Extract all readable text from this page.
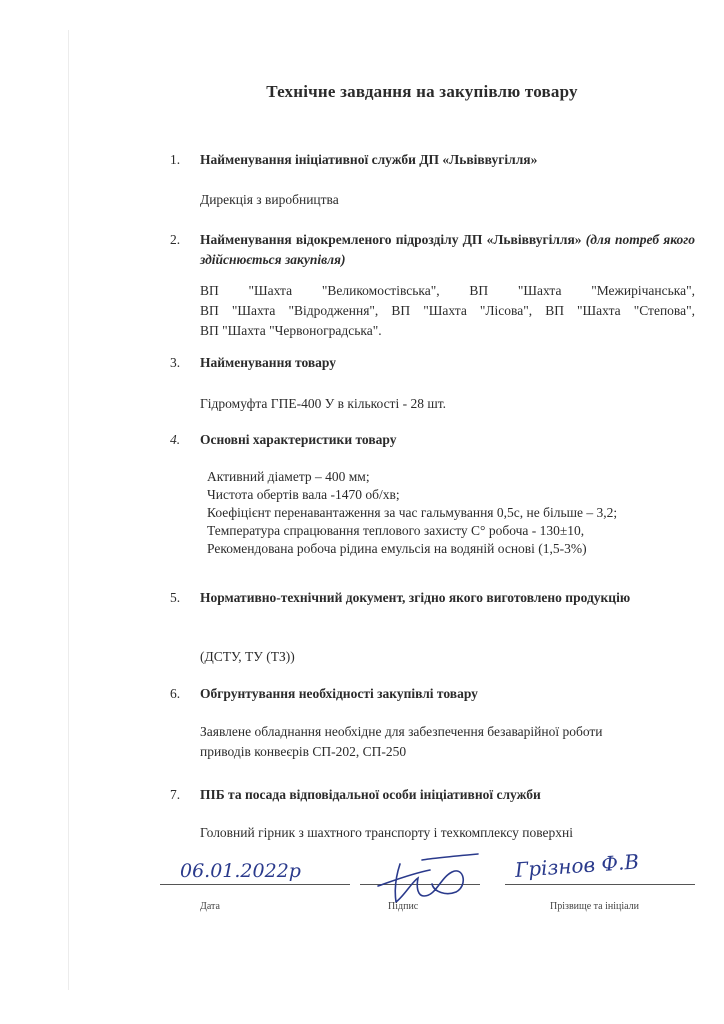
Технічне завдання на закупівлю товару
1. Найменування ініціативної служби ДП «Львіввугілля»
Дирекція з виробництва
2. Найменування відокремленого підрозділу ДП «Львіввугілля» (для потреб якого здійснюється закупівля)
ВП "Шахта "Великомостівська", ВП "Шахта "Межирічанська",
ВП "Шахта "Відродження", ВП "Шахта "Лісова", ВП "Шахта "Степова",
ВП "Шахта "Червоноградська".
3. Найменування товару
Гідромуфта ГПЕ-400 У в кількості - 28 шт.
4. Основні характеристики товару
Активний діаметр – 400 мм;
Чистота обертів вала -1470 об/хв;
Коефіцієнт перенавантаження за час гальмування 0,5с, не більше – 3,2;
Температура спрацювання теплового захисту С° робоча - 130±10,
Рекомендована робоча рідина емульсія на водяній основі (1,5-3%)
5. Нормативно-технічний документ, згідно якого виготовлено продукцію
(ДСТУ, ТУ (ТЗ))
6. Обгрунтування необхідності закупівлі товару
Заявлене обладнання необхідне для забезпечення безаварійної роботи
приводів конвеєрів СП-202, СП-250
7. ПІБ та посада відповідальної особи ініціативної служби
Головний гірник з шахтного транспорту і техкомплексу поверхні
06.01.2022р
Дата	Підпис
Грізнов Ф.В
Прізвище та ініціали
